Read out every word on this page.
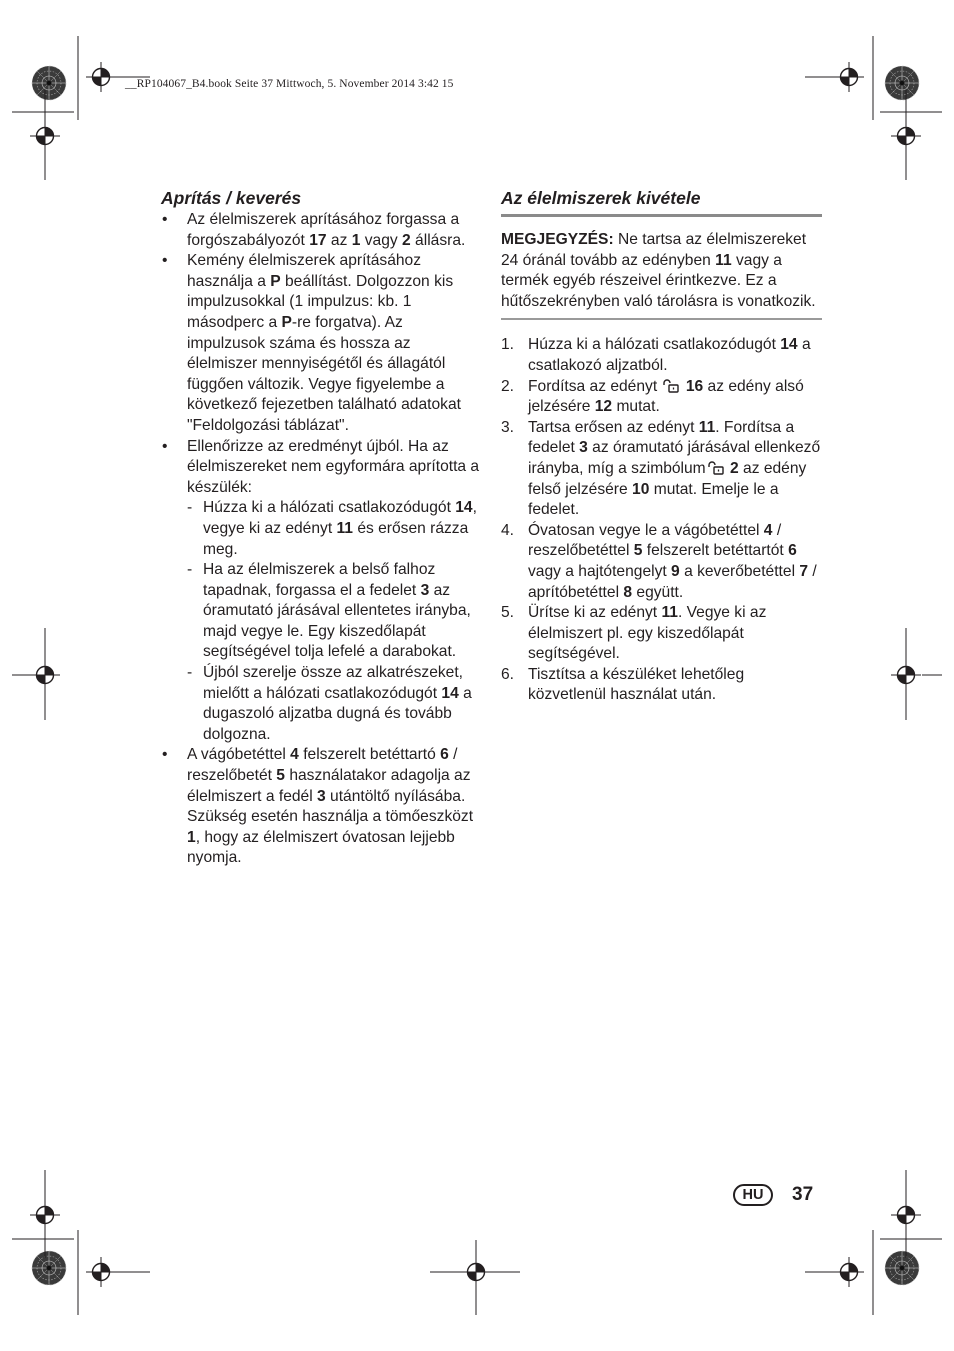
__RP104067_B4.book Seite 37 Mittwoch, 5. November 2014 3:42 15
Aprítás / keverés
• Az élelmiszerek aprításához forgassa a forgószabályozót 17 az 1 vagy 2 állásra.
• Kemény élelmiszerek aprításához használja a P beállítást. Dolgozzon kis impulzusokkal (1 impulzus: kb. 1 másodperc a P-re forgatva). Az impulzusok száma és hossza az élelmiszer mennyiségétől és állagától függően változik. Vegye figyelembe a következő fejezetben található adatokat "Feldolgozási táblázat".
• Ellenőrizze az eredményt újból. Ha az élelmiszereket nem egyformára aprította a készülék:
- Húzza ki a hálózati csatlakozódugót 14, vegye ki az edényt 11 és erősen rázza meg.
- Ha az élelmiszerek a belső falhoz tapadnak, forgassa el a fedelet 3 az óramutató járásával ellentetes irányba, majd vegye le. Egy kiszedőlapát segítségével tolja lefelé a darabokat.
- Újból szerelje össze az alkatrészeket, mielőtt a hálózati csatlakozódugót 14 a dugaszoló aljzatba dugná és tovább dolgozna.
• A vágóbetéttel 4 felszerelt betéttartó 6 / reszelőbetét 5 használatakor adagolja az élelmiszert a fedél 3 utántöltő nyílásába. Szükség esetén használja a tömőeszközt 1, hogy az élelmiszert óvatosan lejjebb nyomja.
Az élelmiszerek kivétele

MEGJEGYZÉS: Ne tartsa az élelmiszereket 24 óránál tovább az edényben 11 vagy a termék egyéb részeivel érintkezve. Ez a hűtőszekrényben való tárolásra is vonatkozik.

1. Húzza ki a hálózati csatlakozódugót 14 a csatlakozó aljzatból.
2. Fordítsa az edényt  16 az edény alsó jelzésére 12 mutat.
3. Tartsa erősen az edényt 11. Fordítsa a fedelet 3 az óramutató járásával ellenkező irányba, míg a szimbólum 2 az edény felső jelzésére 10 mutat. Emelje le a fedelet.
4. Óvatosan vegye le a vágóbetéttel 4 / reszelőbetéttel 5 felszerelt betéttartót 6 vagy a hajtótengelyt 9 a keverőbetéttel 7 / aprítóbetéttel 8 együtt.
5. Ürítse ki az edényt 11. Vegye ki az élelmiszert pl. egy kiszedőlapát segítségével.
6. Tisztítsa a készüléket lehetőleg közvetlenül használat után.
HU	37
